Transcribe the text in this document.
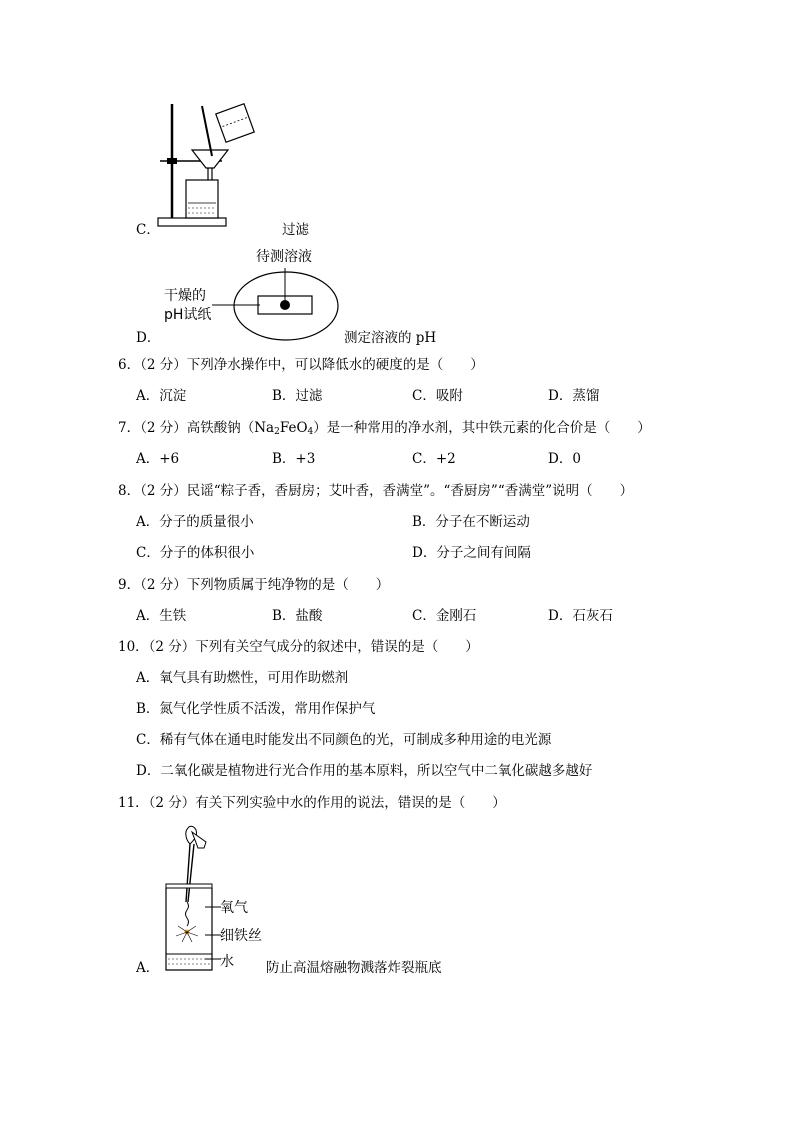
C．	过滤
待测溶液
干燥的
pH试纸
D．	测定溶液的 pH
6．（2 分）下列净水操作中，可以降低水的硬度的是（　　）
A．沉淀	B．过滤	C．吸附	D．蒸馏
7．（2 分）高铁酸钠$(Na_2FeO_4)$是一种常用的净水剂，其中铁元素的化合价是（　　）
A．+6	B．+3	C．+2	D．0
8．（2 分）民谣“粽子香，香厨房；艾叶香，香满堂”。“香厨房”“香满堂”说明（　　）
A．分子的质量很小	B．分子在不断运动
C．分子的体积很小	D．分子之间有间隔
9．（2 分）下列物质属于纯净物的是（　　）
A．生铁	B．盐酸	C．金刚石	D．石灰石
10．（2 分）下列有关空气成分的叙述中，错误的是（　　）
A．氧气具有助燃性，可用作助燃剂
B．氮气化学性质不活泼，常用作保护气
C．稀有气体在通电时能发出不同颜色的光，可制成多种用途的电光源
D．二氧化碳是植物进行光合作用的基本原料，所以空气中二氧化碳越多越好
11．（2 分）有关下列实验中水的作用的说法，错误的是（　　）
氧气
细铁丝
水
A．	防止高温熔融物溅落炸裂瓶底
